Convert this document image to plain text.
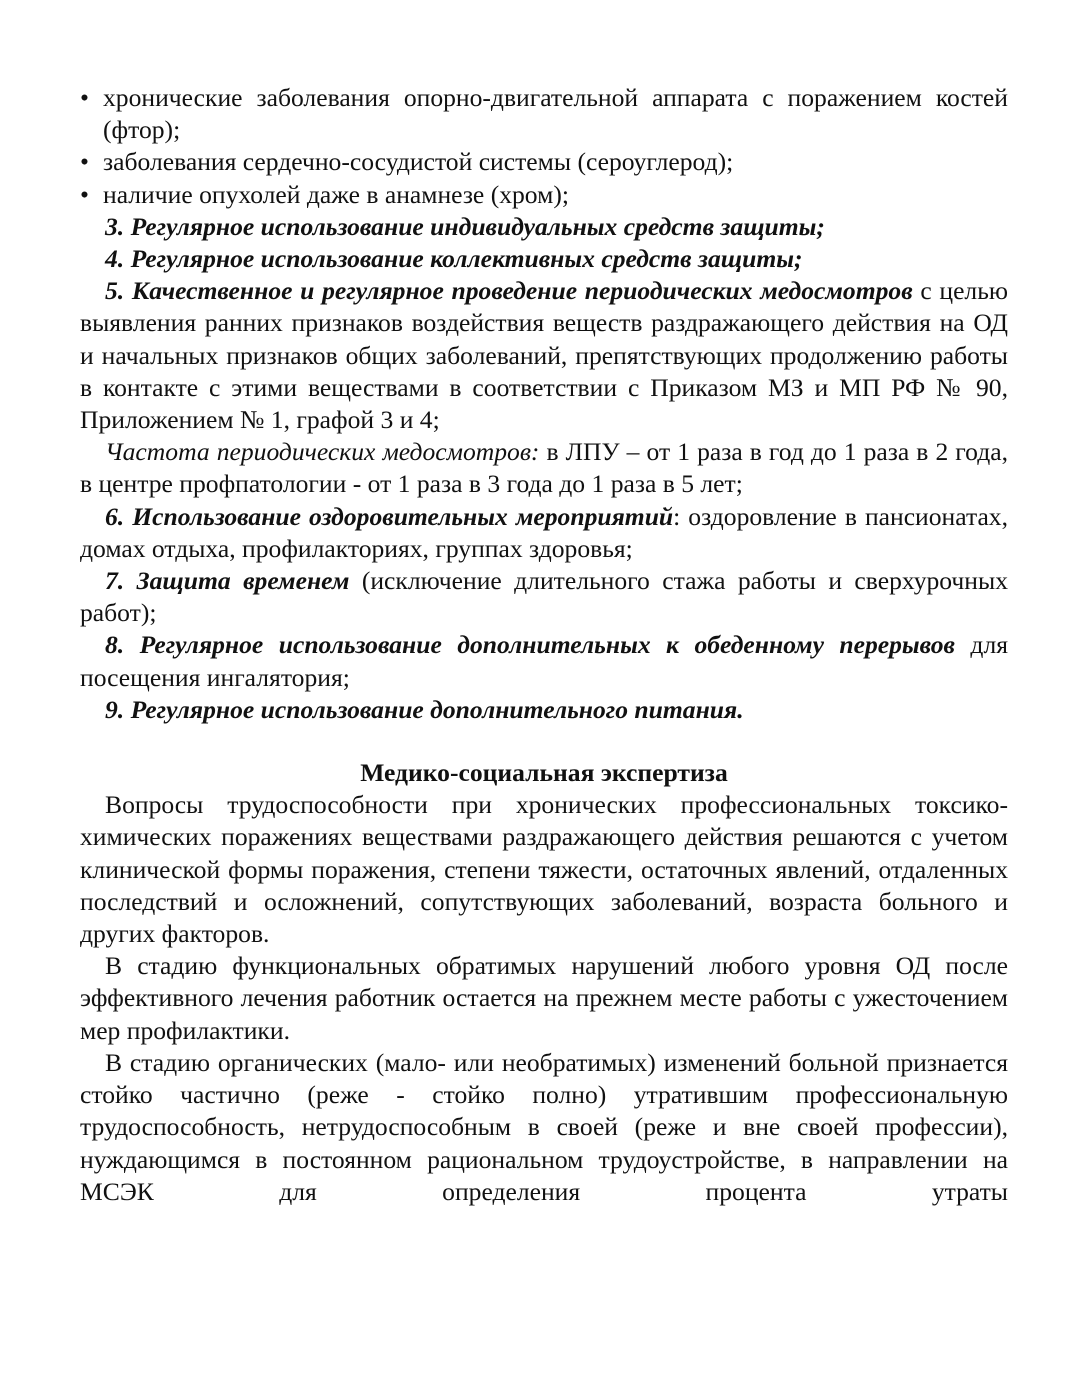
• хронические заболевания опорно-двигательной аппарата с поражением костей (фтор);

• заболевания сердечно-сосудистой системы (сероуглерод);

• наличие опухолей даже в анамнезе (хром);

3. Регулярное использование индивидуальных средств защиты;

4. Регулярное использование коллективных средств защиты;

5. Качественное и регулярное проведение периодических медосмотров с целью выявления ранних признаков воздействия веществ раздражающего действия на ОД и начальных признаков общих заболеваний, препятствующих продолжению работы в контакте с этими веществами в соответствии с Приказом МЗ и МП РФ № 90, Приложением № 1, графой 3 и 4;

Частота периодических медосмотров: в ЛПУ – от 1 раза в год до 1 раза в 2 года, в центре профпатологии - от 1 раза в 3 года до 1 раза в 5 лет;

6. Использование оздоровительных мероприятий: оздоровление в пансионатах, домах отдыха, профилакториях, группах здоровья;

7. Защита временем (исключение длительного стажа работы и сверхурочных работ);

8. Регулярное использование дополнительных к обеденному перерывов для посещения ингалятория;

9. Регулярное использование дополнительного питания.

Медико-социальная экспертиза

Вопросы трудоспособности при хронических профессиональных токсико-химических поражениях веществами раздражающего действия решаются с учетом клинической формы поражения, степени тяжести, остаточных явлений, отдаленных последствий и осложнений, сопутствующих заболеваний, возраста больного и других факторов.

В стадию функциональных обратимых нарушений любого уровня ОД после эффективного лечения работник остается на прежнем месте работы с ужесточением мер профилактики.

В стадию органических (мало- или необратимых) изменений больной признается стойко частично (реже - стойко полно) утратившим профессиональную трудоспособность, нетрудоспособным в своей (реже и вне своей профессии), нуждающимся в постоянном рациональном трудоустройстве, в направлении на МСЭК для определения процента утраты
